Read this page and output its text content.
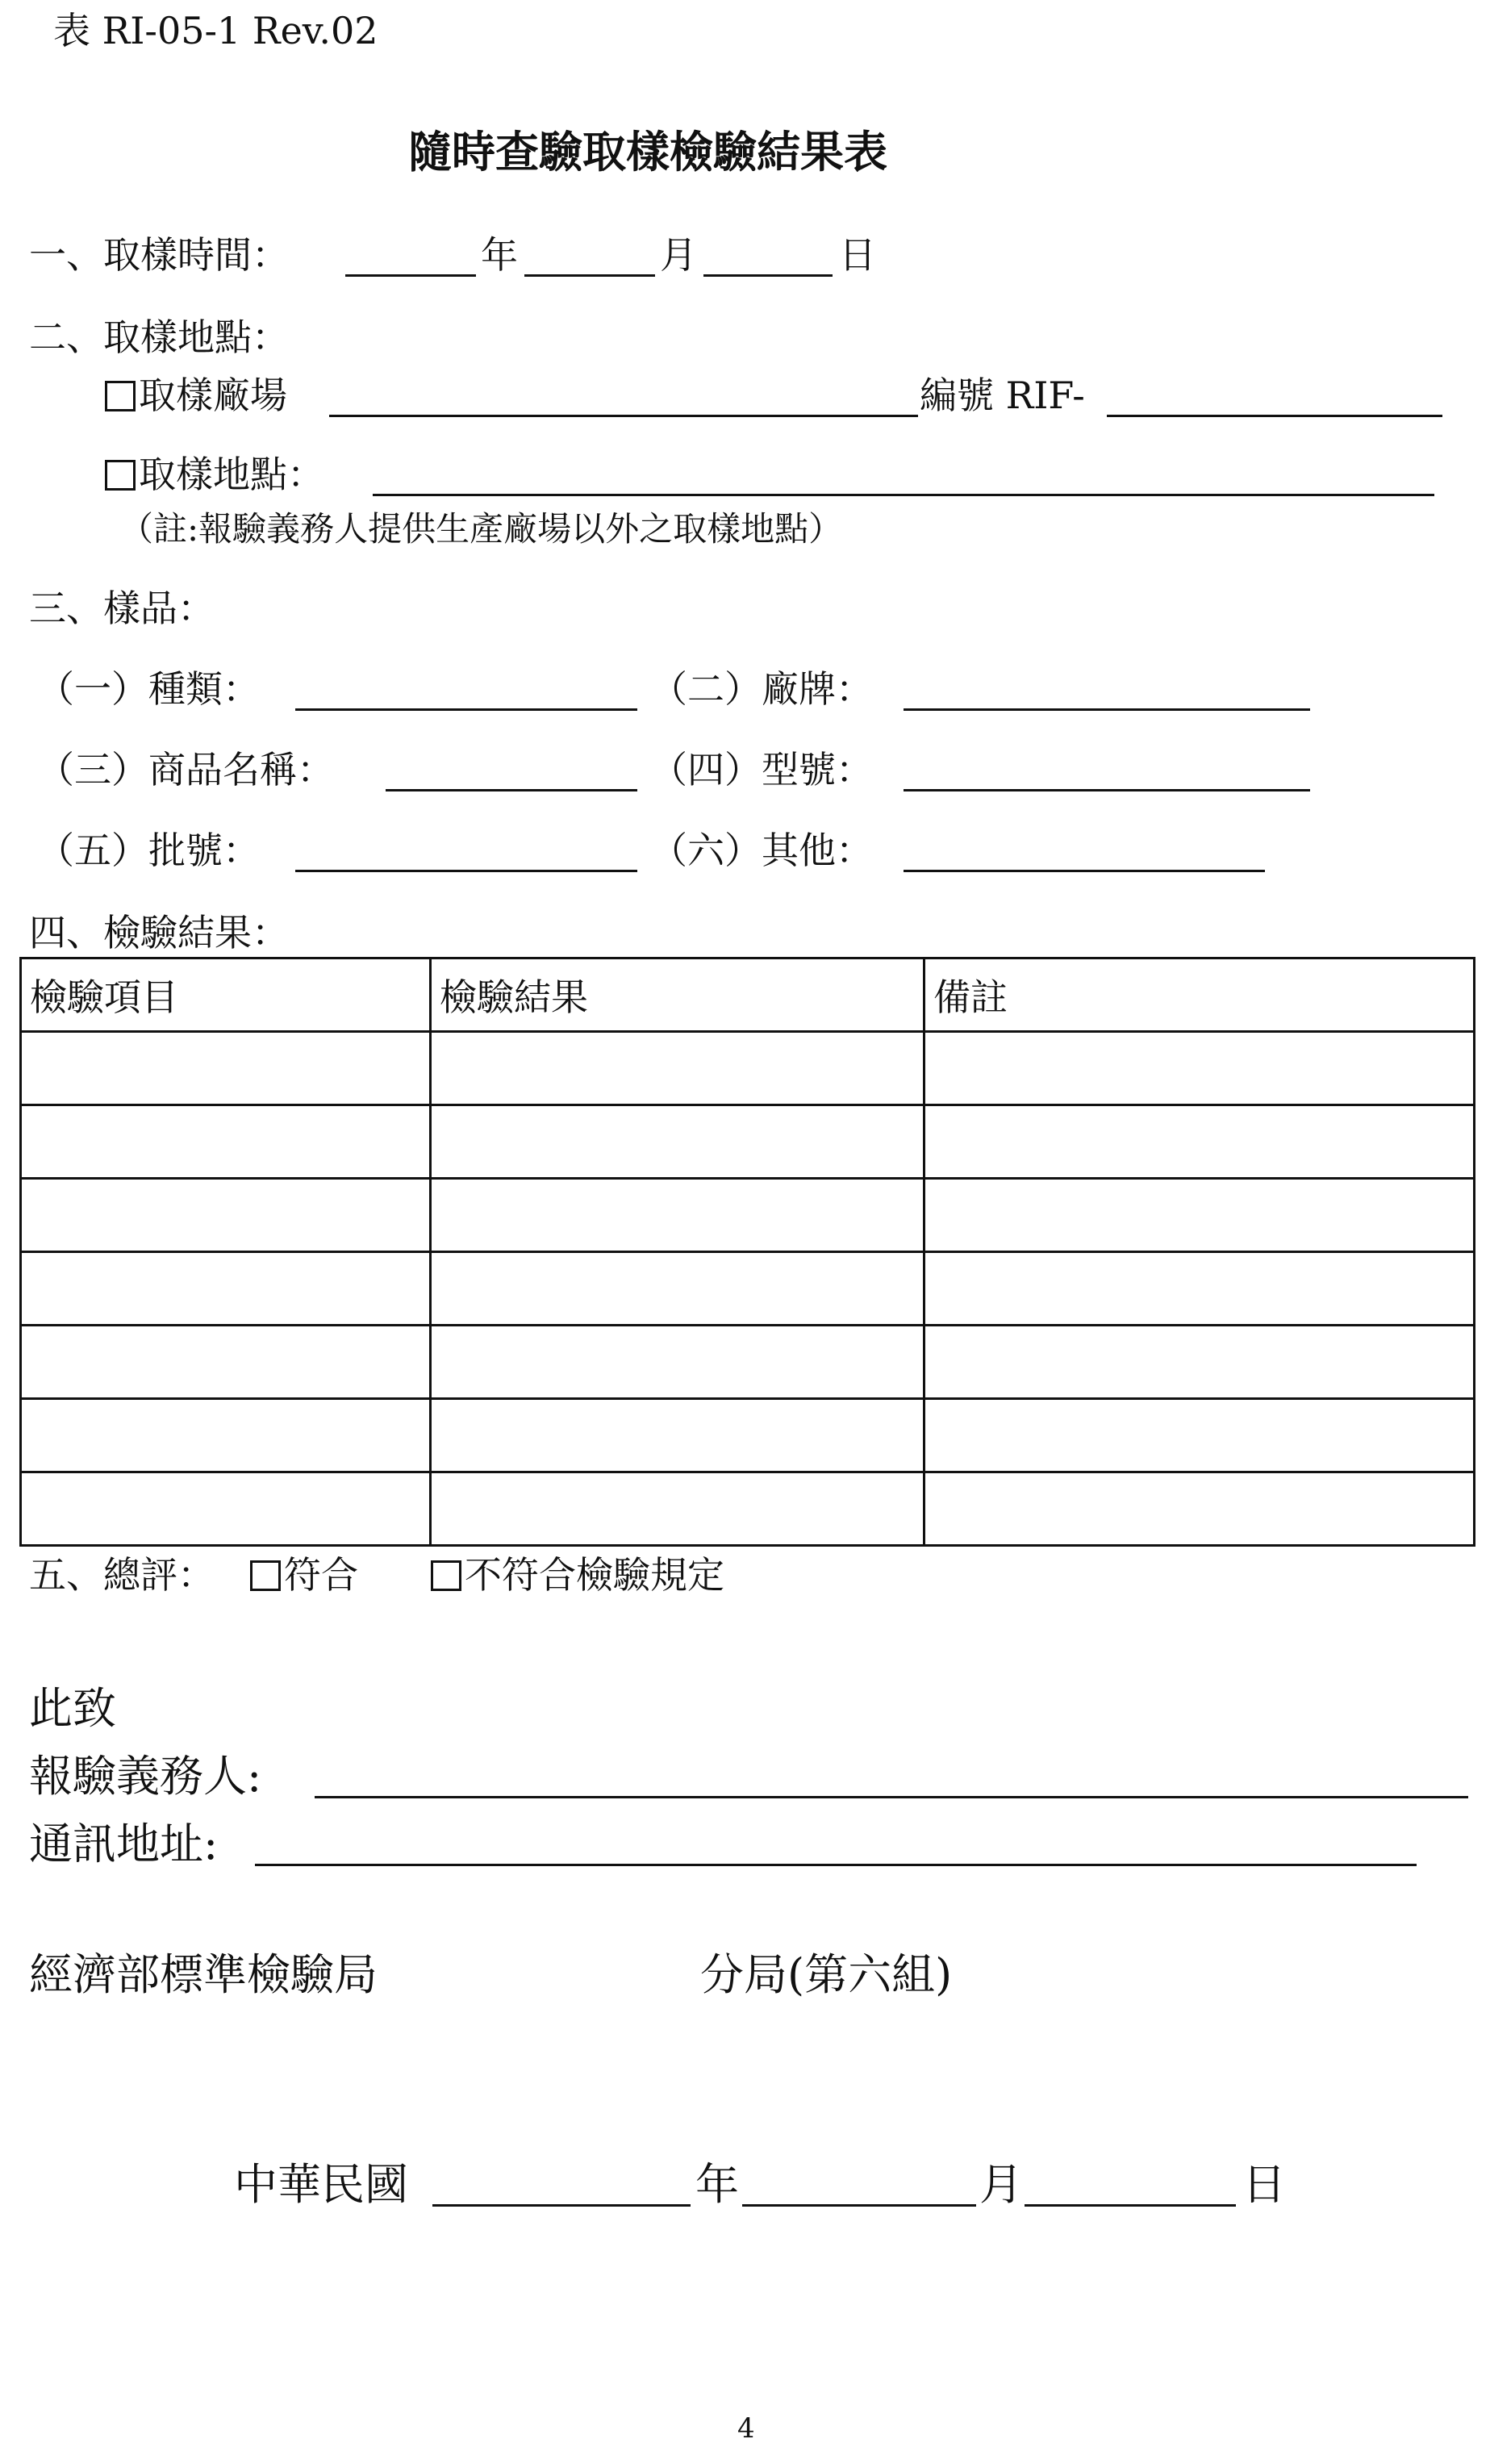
表 RI-05-1 Rev.02
隨時查驗取樣檢驗結果表
一、取樣時間：	年	月	日
二、取樣地點：
取樣廠場	編號 RIF-
取樣地點：
（註:報驗義務人提供生產廠場以外之取樣地點）
三、樣品：
（一）種類：	（二）廠牌：
（三）商品名稱：	（四）型號：
（五）批號：	（六）其他：
四、檢驗結果：
檢驗項目	檢驗結果	備註

五、總評：	符合	不符合檢驗規定
此致
報驗義務人:
通訊地址:
經濟部標準檢驗局	分局(第六組)
中華民國	年	月	日
4
